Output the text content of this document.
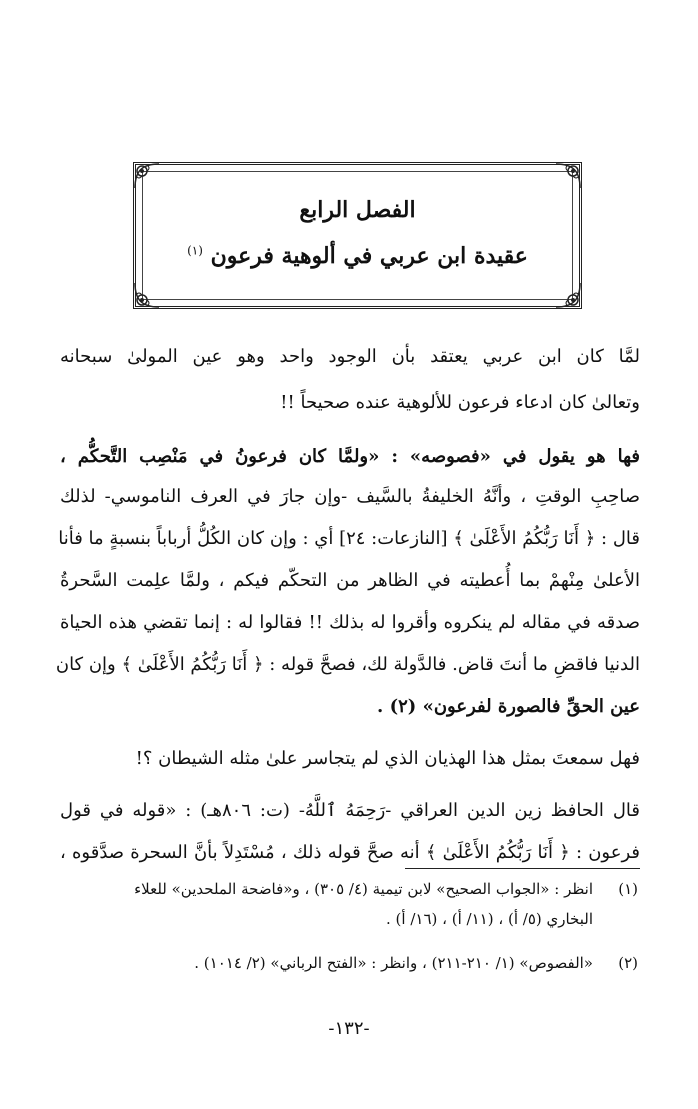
الفصل الرابع
عقيدة ابن عربي في ألوهية فرعون $^{(١)}$
لمَّا كان ابن عربي يعتقد بأن الوجود واحد وهو عين المولىٰ سبحانه
وتعالىٰ كان ادعاء فرعون للألوهية عنده صحيحاً !!
فها هو يقول في «فصوصه» : «ولمَّا كان فرعونُ في مَنْصِب التَّحكُّم ،
صاحِبِ الوقتِ ، وأنَّهُ الخليفةُ بالسَّيف -وإن جارَ في العرف الناموسي- لذلك
قال : ﴿ أَنَا رَبُّكُمُ الأَعْلَىٰ ﴾ [النازعات: ٢٤] أي : وإن كان الكُلُّ أرباباً بنسبةٍ ما فأنا
الأعلىٰ مِنْهمْ بما أُعطيته في الظاهر من التحكّم فيكم ، ولمَّا علِمت السَّحرةُ
صدقه في مقاله لم ينكروه وأقروا له بذلك !! فقالوا له : إنما تقضي هذه الحياة
الدنيا فاقضِ ما أنتَ قاض. فالدَّولة لك، فصحَّ قوله : ﴿ أَنَا رَبُّكُمُ الأَعْلَىٰ ﴾ وإن كان
عين الحقِّ فالصورة لفرعون» (٢) .
فهل سمعتَ بمثل هذا الهذيان الذي لم يتجاسر علىٰ مثله الشيطان ؟!
قال الحافظ زين الدين العراقي -رَحِمَهُ ٱللَّهُ- (ت: ٨٠٦هـ) : «قوله في قول
فرعون : ﴿ أَنَا رَبُّكُمُ الأَعْلَىٰ ﴾ أنه صحَّ قوله ذلك ، مُسْتَدِلاً بأنَّ السحرة صدَّقوه ،
(١)
انظر : «الجواب الصحيح» لابن تيمية (٤/ ٣٠٥) ، و«فاضحة الملحدين» للعلاء
البخاري (٥/ أ) ، (١١/ أ) ، (١٦/ أ) .
(٢)
«الفصوص» (١/ ٢١٠-٢١١) ، وانظر : «الفتح الرباني» (٢/ ١٠١٤) .
-١٣٢-
